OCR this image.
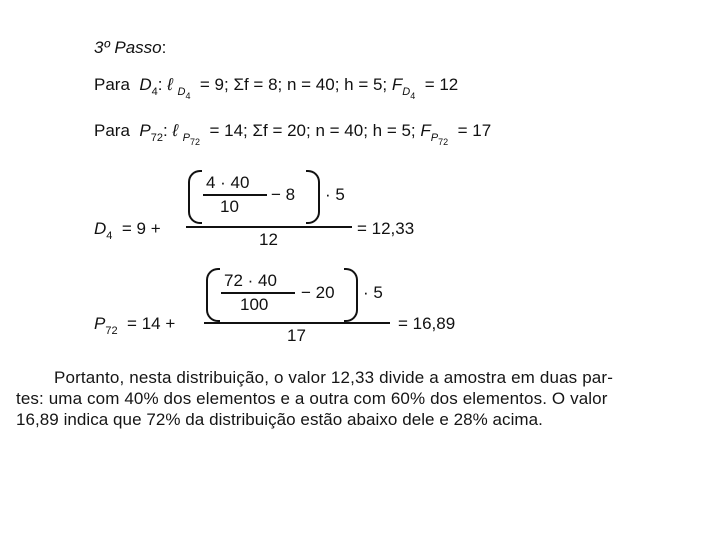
3º Passo:
Para $D_4$: ℓ $_{D_4}$  = 9; Σf = 8; n = 40; h = 5; $F_{D_4} = 12$
Para $P_{72}$: ℓ $_{P_{72}}$  = 14; Σf = 20; n = 40; h = 5; $F_{P_{72}} = 17$
$D_4 = 9$ +
4 · 40
10
− 8 · 5
12
= 12,33
$P_{72} = 14$ +
72 · 40
100
− 20 · 5
17
= 16,89
Portanto, nesta distribuição, o valor 12,33 divide a amostra em duas par-
tes: uma com 40% dos elementos e a outra com 60% dos elementos. O valor
16,89 indica que 72% da distribuição estão abaixo dele e 28% acima.
